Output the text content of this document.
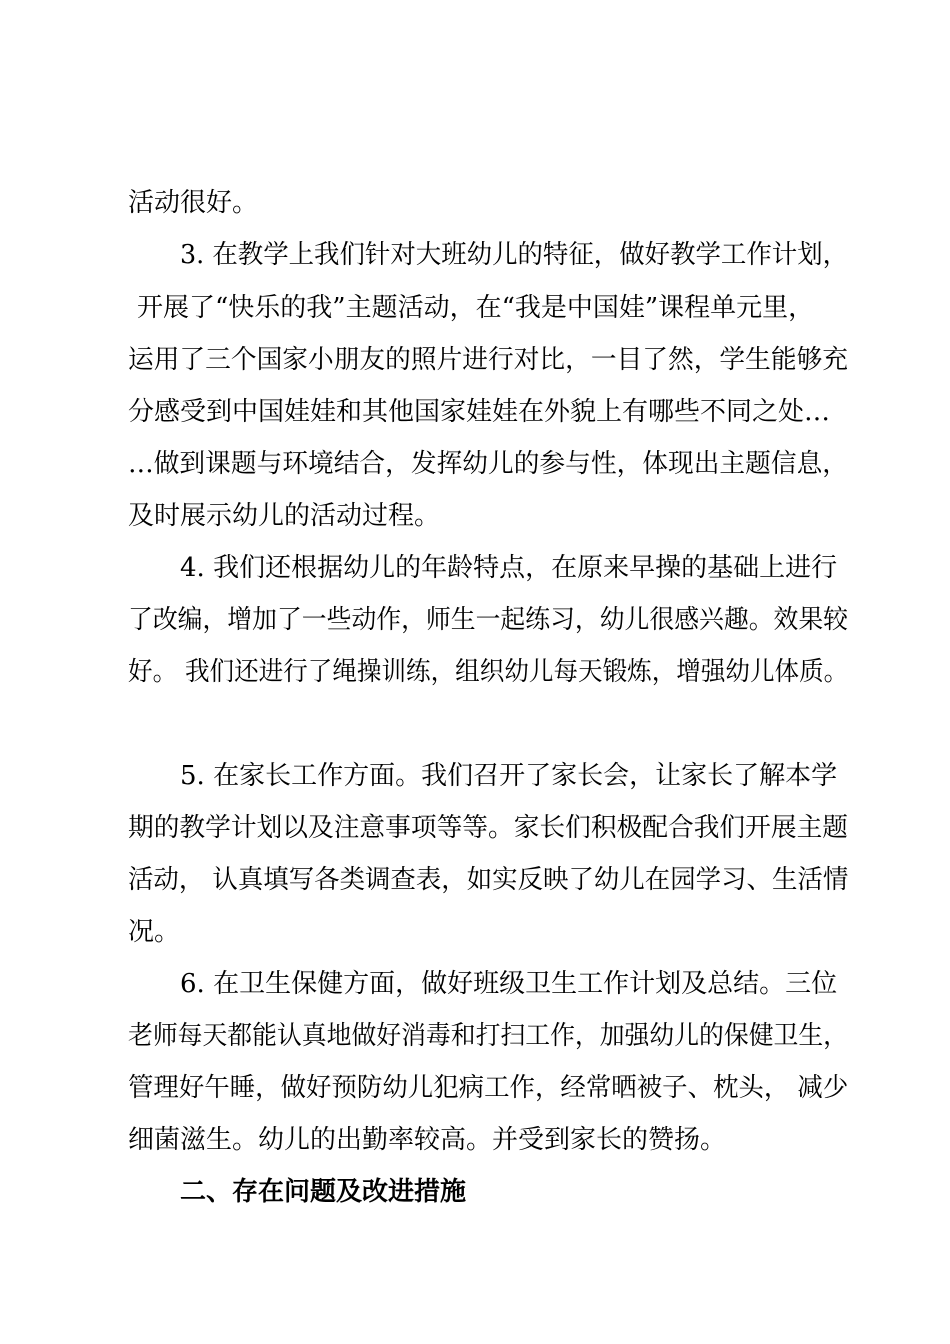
活动很好。
3. 在教学上我们针对大班幼儿的特征，做好教学工作计划，
开展了“快乐的我”主题活动，在“我是中国娃”课程单元里，
运用了三个国家小朋友的照片进行对比，一目了然，学生能够充
分感受到中国娃娃和其他国家娃娃在外貌上有哪些不同之处…
…做到课题与环境结合，发挥幼儿的参与性，体现出主题信息，
及时展示幼儿的活动过程。
4. 我们还根据幼儿的年龄特点，在原来早操的基础上进行
了改编，增加了一些动作，师生一起练习，幼儿很感兴趣。效果较
好。 我们还进行了绳操训练，组织幼儿每天锻炼，增强幼儿体质。
5. 在家长工作方面。我们召开了家长会，让家长了解本学
期的教学计划以及注意事项等等。家长们积极配合我们开展主题
活动， 认真填写各类调查表，如实反映了幼儿在园学习、生活情
况。
6. 在卫生保健方面，做好班级卫生工作计划及总结。三位
老师每天都能认真地做好消毒和打扫工作，加强幼儿的保健卫生，
管理好午睡，做好预防幼儿犯病工作，经常晒被子、枕头， 减少
细菌滋生。幼儿的出勤率较高。并受到家长的赞扬。
二、存在问题及改进措施
